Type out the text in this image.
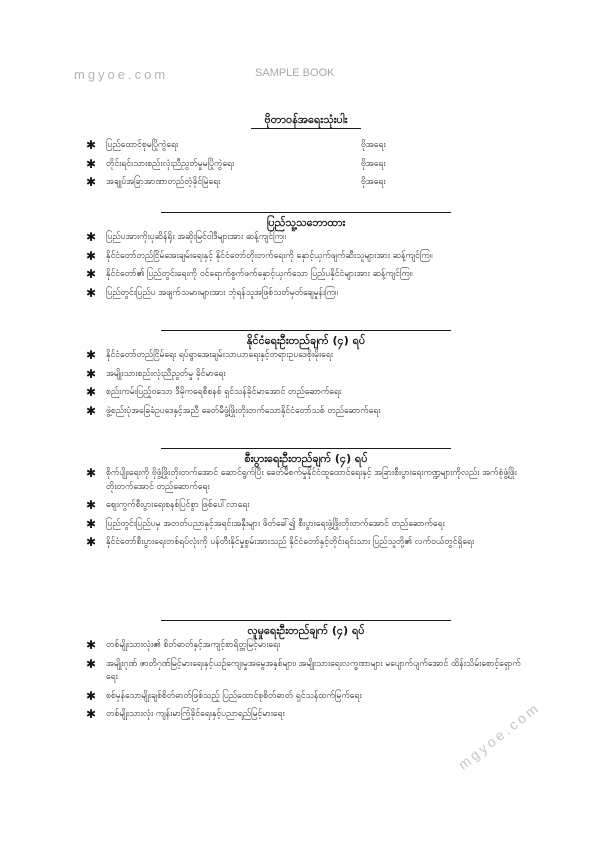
mgyoe.com	SAMPLE BOOK
mgyoe.com
ဗိုတာဝန်အရေးသုံးပါး
✱	ပြည်ထောင်စုမပြိုကွဲရေး	ဗိုအရေး
✱	တိုင်းရင်းသားစည်းလုံးညီညွတ်မှုမပြိုကွဲရေး	ဗိုအရေး
✱	အချုပ်အခြာအာဏာတည်တံ့ခိုင်မြဲရေး	ဗိုအရေး
ပြည်သူ့သဘောထား
✱	ပြည်ပအားကိုးပုဆိန်ရိုး အဆိုးမြင်ဝါဒီများအား ဆန့်ကျင်ကြ။
✱	နိုင်ငံတော်တည်ငြိမ်အေးချမ်းရေးနှင့် နိုင်ငံတော်တိုးတက်ရေးကို နှောင့်ယှက်ဖျက်ဆီးသူများအား ဆန့်ကျင်ကြ။
✱	နိုင်ငံတော်၏ ပြည်တွင်းရေးကို ဝင်ရောက်စွက်ဖက်နှောင့်ယှက်သော ပြည်ပနိုင်ငံများအား ဆန့်ကျင်ကြ။
✱	ပြည်တွင်းပြည်ပ အဖျက်သမားများအား ဘုံရန်သူအဖြစ်သတ်မှတ်ချေမှုန်းကြ။
နိုင်ငံရေးဦးတည်ချက် (၄) ရပ်
✱	နိုင်ငံတော်တည်ငြိမ်ရေး ရပ်ရွာအေးချမ်းသာယာရေးနှင့်တရားဥပဒေစိုးမိုးရေး
✱	အမျိုးသားစည်းလုံးညီညွတ်မှု ခိုင်မာရေး
✱	စည်းကမ်းပြည့်ဝသော ဒီမိုကရေစီစနစ် ရှင်သန်ခိုင်မာအောင် တည်ဆောက်ရေး
✱	ဖွဲ့စည်းပုံအခြေခံဥပဒေနှင့်အညီ ခေတ်မီဖွံ့ဖြိုးတိုးတက်သောနိုင်ငံတော်သစ် တည်ဆောက်ရေး
စီးပွားရေးဦးတည်ချက် (၄) ရပ်
✱	စိုက်ပျိုးရေးကို ဗိုဖွံ့ဖြိုးတိုးတက်အောင် ဆောင်ရွက်ပြီး ခေတ်မီစက်မှုနိုင်ငံထူထောင်ရေးနှင့် အခြားစီးပွားရေးကဏ္ဍများကိုလည်း အက်စုံဖွံ့ဖြိုးတိုးတက်အောင် တည်ဆောက်ရေး
✱	ဈေးကွက်စီးပွားရေးစနစ်ပြင်စွာ ဖြစ်ပေါ်လာရေး
✱	ပြည်တွင်းပြည်ပမှ အတတ်ပညာနှင့်အရင်းအနှီးများ ဖိတ်ခေါ်၍ စီးပွားရေးဖွံ့ဖြိုးတိုးတက်အောင် တည်ဆောက်ရေး
✱	နိုင်ငံတော်စီးပွားရေးတစ်ရပ်လုံးကို ပန်တီးနိုင်မှုစွမ်းအားသည် နိုင်ငံတော်နှင့်တိုင်းရင်းသား ပြည်သူတို့၏ လက်ဝယ်တွင်ရှိရေး
လူမှုရေးဦးတည်ချက် (၄) ရပ်
✱	တစ်မျိုးသားလုံး၏ စိတ်ဓာတ်နှင့်အကျင့်စာရိတ္တမြင့်မားရေး
✱	အမျိုးဂုဏ် ဇာတိဂုဏ်မြင့်မားရေးနှင့်ယဉ်ကျေးမှုအမွေအနှစ်များ၊ အမျိုးသားရေးလက္ခဏာများ မပျောက်ပျက်အောင် ထိန်းသိမ်းစောင့်ရှောက်ရေး
✱	စစ်မှန်သောမျိုးချစ်စိတ်ဓာတ်ဖြစ်သည့် ပြည်ထောင်စုစိတ်ဓာတ် ရှင်သန်ထက်မြက်ရေး
✱	တစ်မျိုးသားလုံး ကျန်းမာကြံ့ခိုင်ရေးနှင့်ပညာရည်မြင့်မားရေး
